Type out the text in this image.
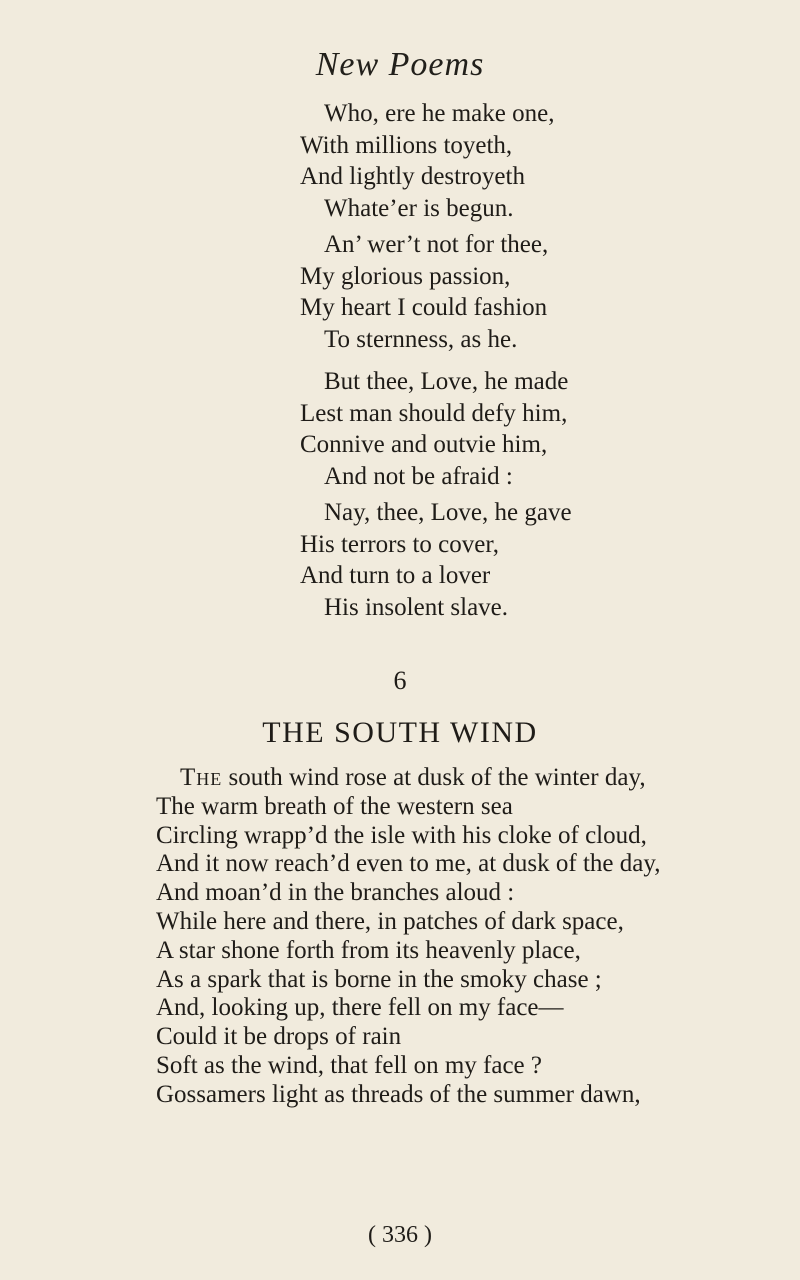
New Poems
Who, ere he make one,
With millions toyeth,
And lightly destroyeth
Whate’er is begun.
An’ wer’t not for thee,
My glorious passion,
My heart I could fashion
To sternness, as he.
But thee, Love, he made
Lest man should defy him,
Connive and outvie him,
And not be afraid :
Nay, thee, Love, he gave
His terrors to cover,
And turn to a lover
His insolent slave.
6
THE SOUTH WIND
The south wind rose at dusk of the winter day,
The warm breath of the western sea
Circling wrapp’d the isle with his cloke of cloud,
And it now reach’d even to me, at dusk of the day,
And moan’d in the branches aloud :
While here and there, in patches of dark space,
A star shone forth from its heavenly place,
As a spark that is borne in the smoky chase ;
And, looking up, there fell on my face—
Could it be drops of rain
Soft as the wind, that fell on my face ?
Gossamers light as threads of the summer dawn,
( 336 )
